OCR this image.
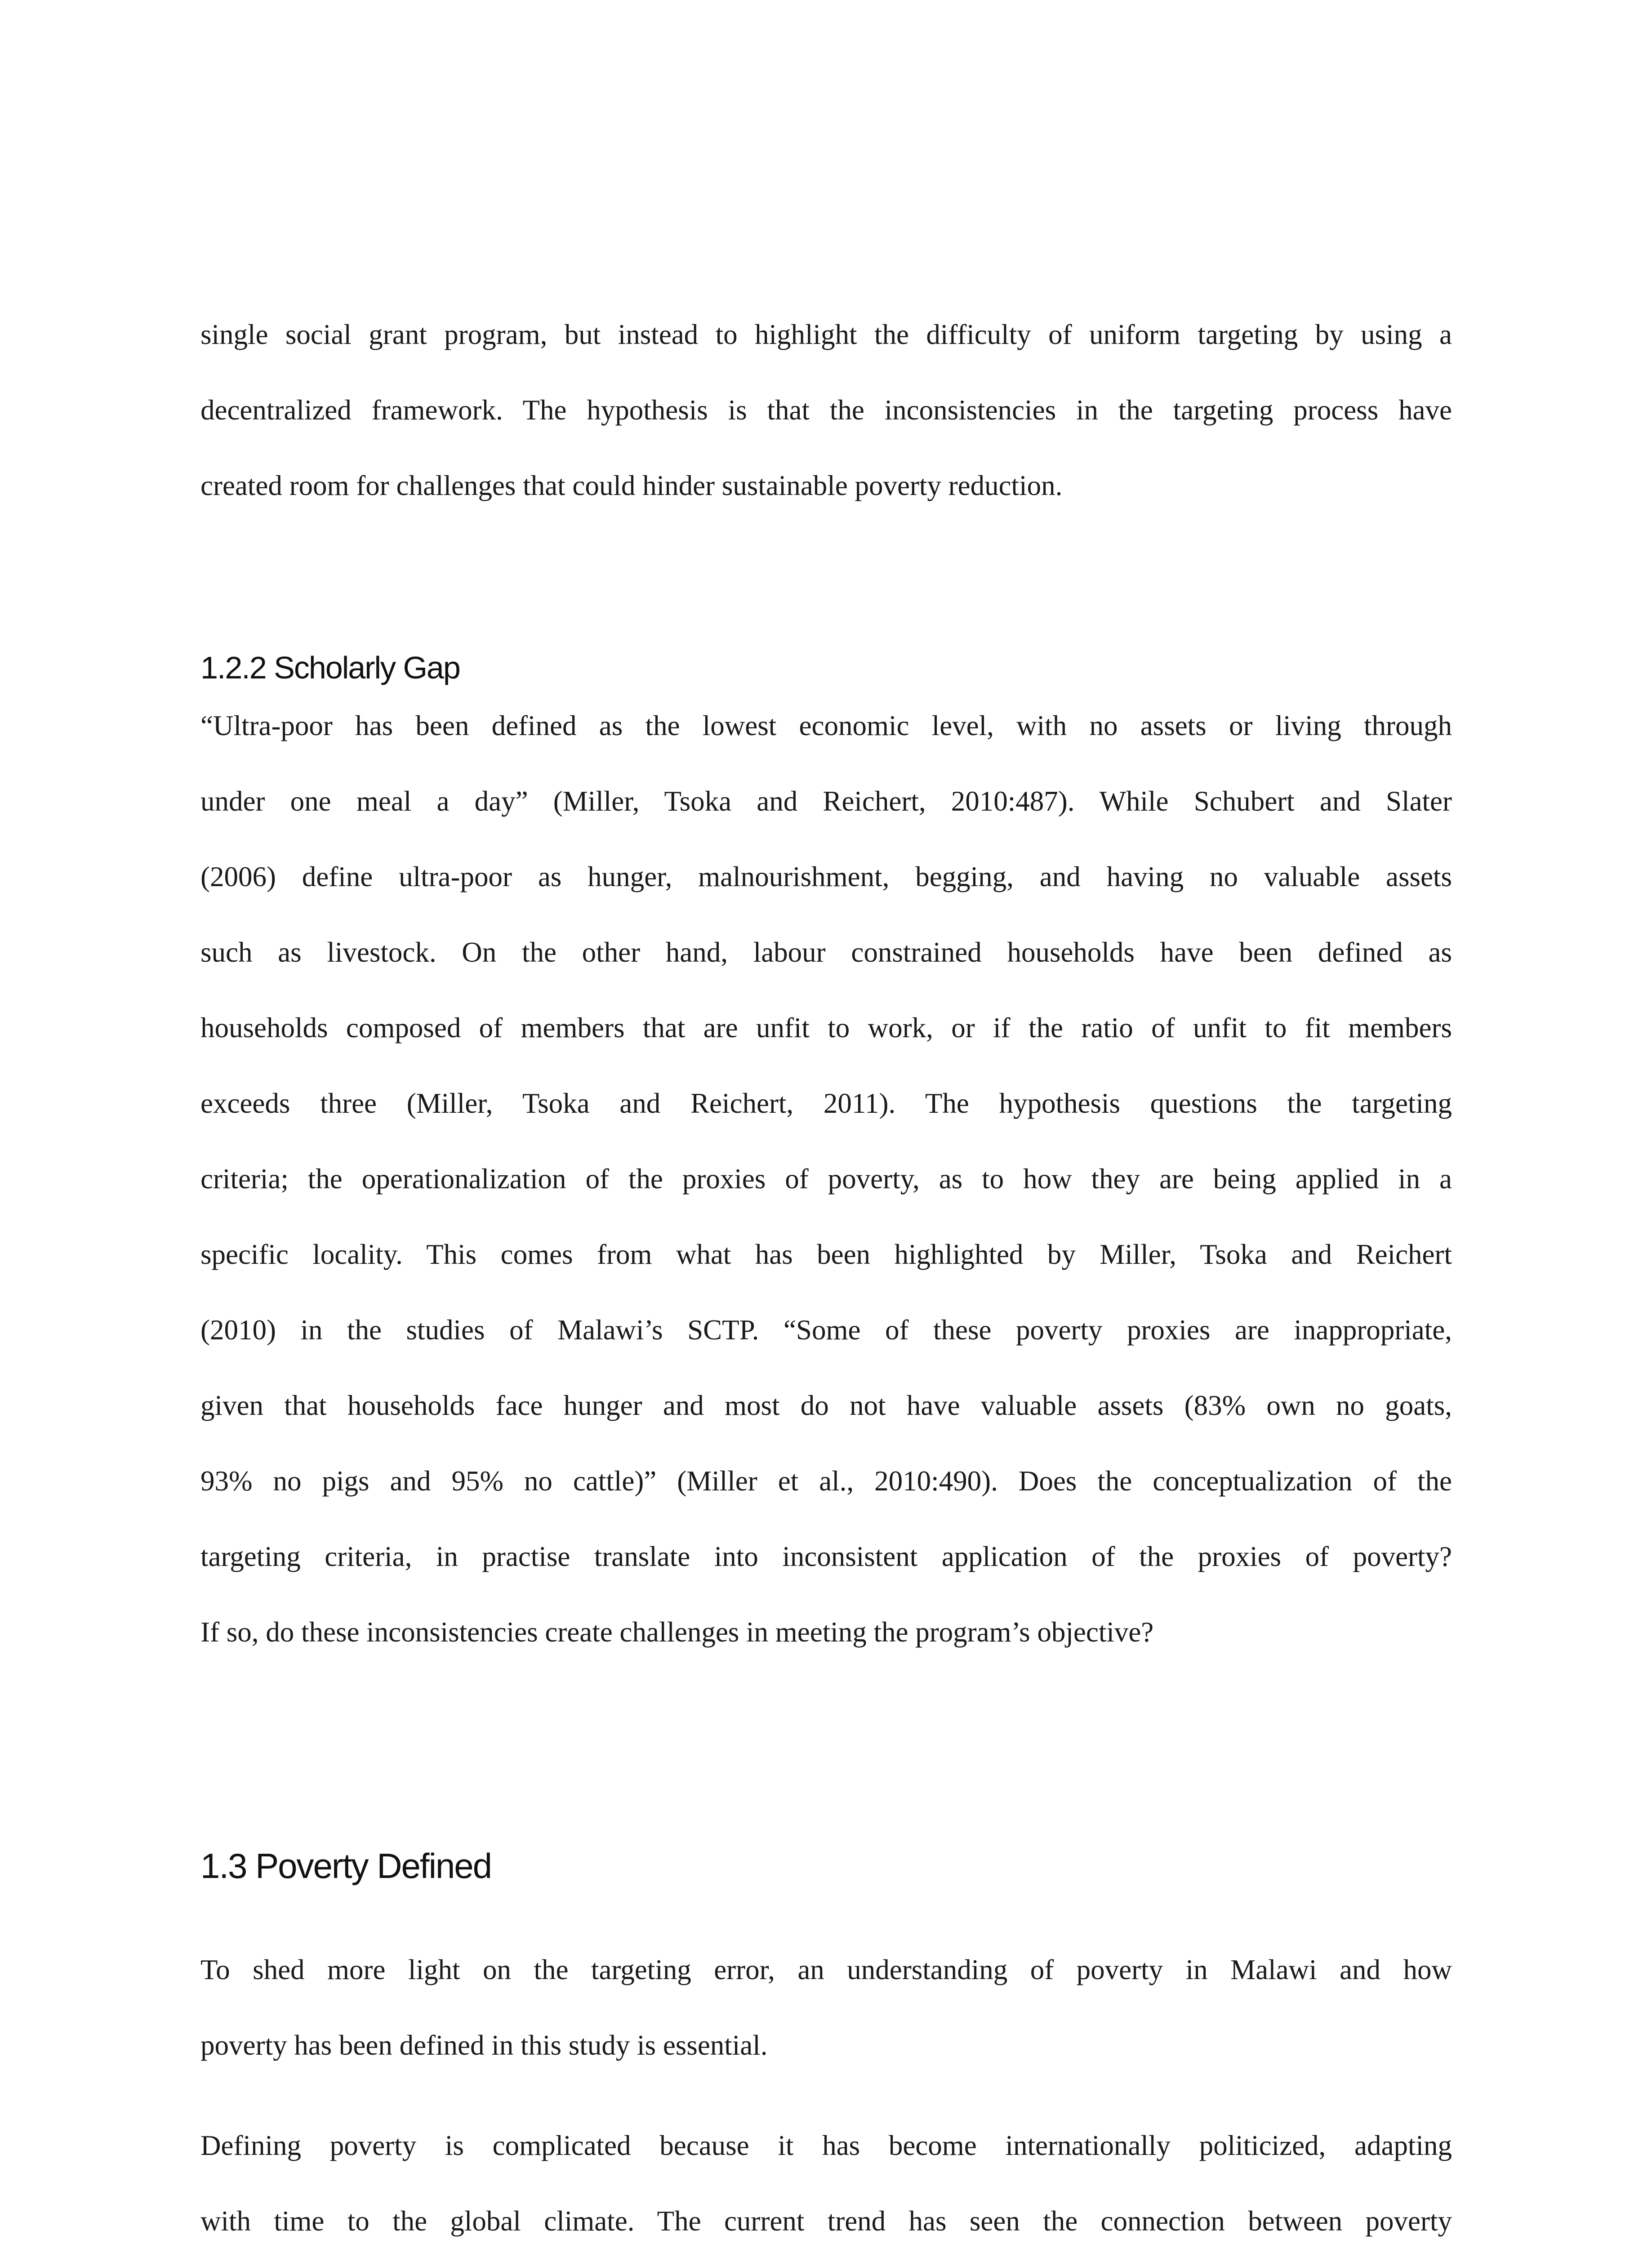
single social grant program, but instead to highlight the difficulty of uniform targeting by using a
decentralized framework. The hypothesis is that the inconsistencies in the targeting process have
created room for challenges that could hinder sustainable poverty reduction.
1.2.2 Scholarly Gap
“Ultra-poor has been defined as the lowest economic level, with no assets or living through
under one meal a day” (Miller, Tsoka and Reichert, 2010:487). While Schubert and Slater
(2006) define ultra-poor as hunger, malnourishment, begging, and having no valuable assets
such as livestock. On the other hand, labour constrained households have been defined as
households composed of members that are unfit to work, or if the ratio of unfit to fit members
exceeds three (Miller, Tsoka and Reichert, 2011). The hypothesis questions the targeting
criteria; the operationalization of the proxies of poverty, as to how they are being applied in a
specific locality. This comes from what has been highlighted by Miller, Tsoka and Reichert
(2010) in the studies of Malawi’s SCTP. “Some of these poverty proxies are inappropriate,
given that households face hunger and most do not have valuable assets (83% own no goats,
93% no pigs and 95% no cattle)” (Miller et al., 2010:490). Does the conceptualization of the
targeting criteria, in practise translate into inconsistent application of the proxies of poverty?
If so, do these inconsistencies create challenges in meeting the program’s objective?
1.3 Poverty Defined
To shed more light on the targeting error, an understanding of poverty in Malawi and how
poverty has been defined in this study is essential.
Defining poverty is complicated because it has become internationally politicized, adapting
with time to the global climate. The current trend has seen the connection between poverty
